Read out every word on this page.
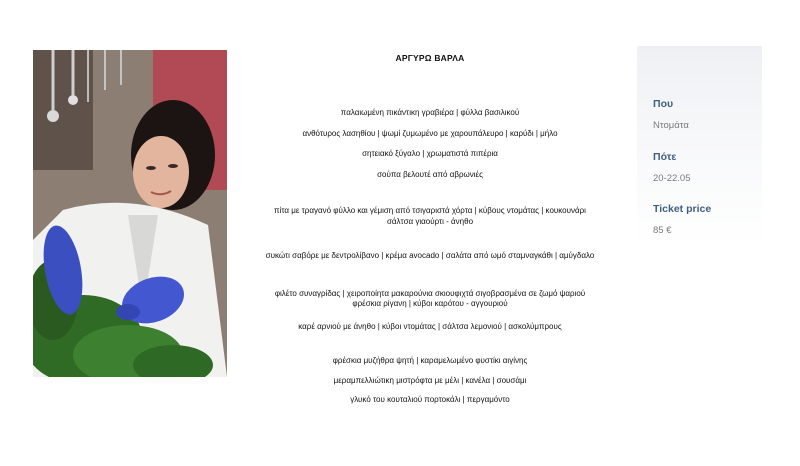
ΑΡΓΥΡΩ ΒΑΡΛΑ

παλαιωμένη πικάντικη γραβιέρα | φύλλα βασιλικού

ανθότυρος λασηθίου | ψωμί ζυμωμένο με χαρουπάλευρο | καρύδι | μήλο

σητειακό ξύγαλο | χρωματιστά πιπέρια

σούπα βελουτέ από αβρωνιές

πίτα με τραγανό φύλλο και γέμιση από τσιγαριστά χόρτα | κύβους ντομάτας | κουκουνάρι

σάλτσα γιαούρτι - άνηθο

συκώτι σαβόρε με δεντρολίβανο | κρέμα avocado | σαλάτα από ωμό σταμναγκάθι | αμύγδαλο

φιλέτο συναγρίδας | χειροποίητα μακαρούνια σκιουφιχτά σιγοβρασμένα σε ζωμό ψαριού

φρέσκια ρίγανη | κύβοι καρότου - αγγουριού

καρέ αρνιού με άνηθο | κύβοι ντομάτας | σάλτσα λεμονιού | ασκολύμπρους

φρέσκια μυζήθρα ψητή | καραμελωμένο φυστίκι αιγίνης

μεραμπελλιώτικη μιστρόφτα με μέλι | κανέλα | σουσάμι

γλυκό του κουταλιού πορτοκάλι | περγαμόντο

Που
Ντομάτα
Πότε
20-22.05
Ticket price
85 €
